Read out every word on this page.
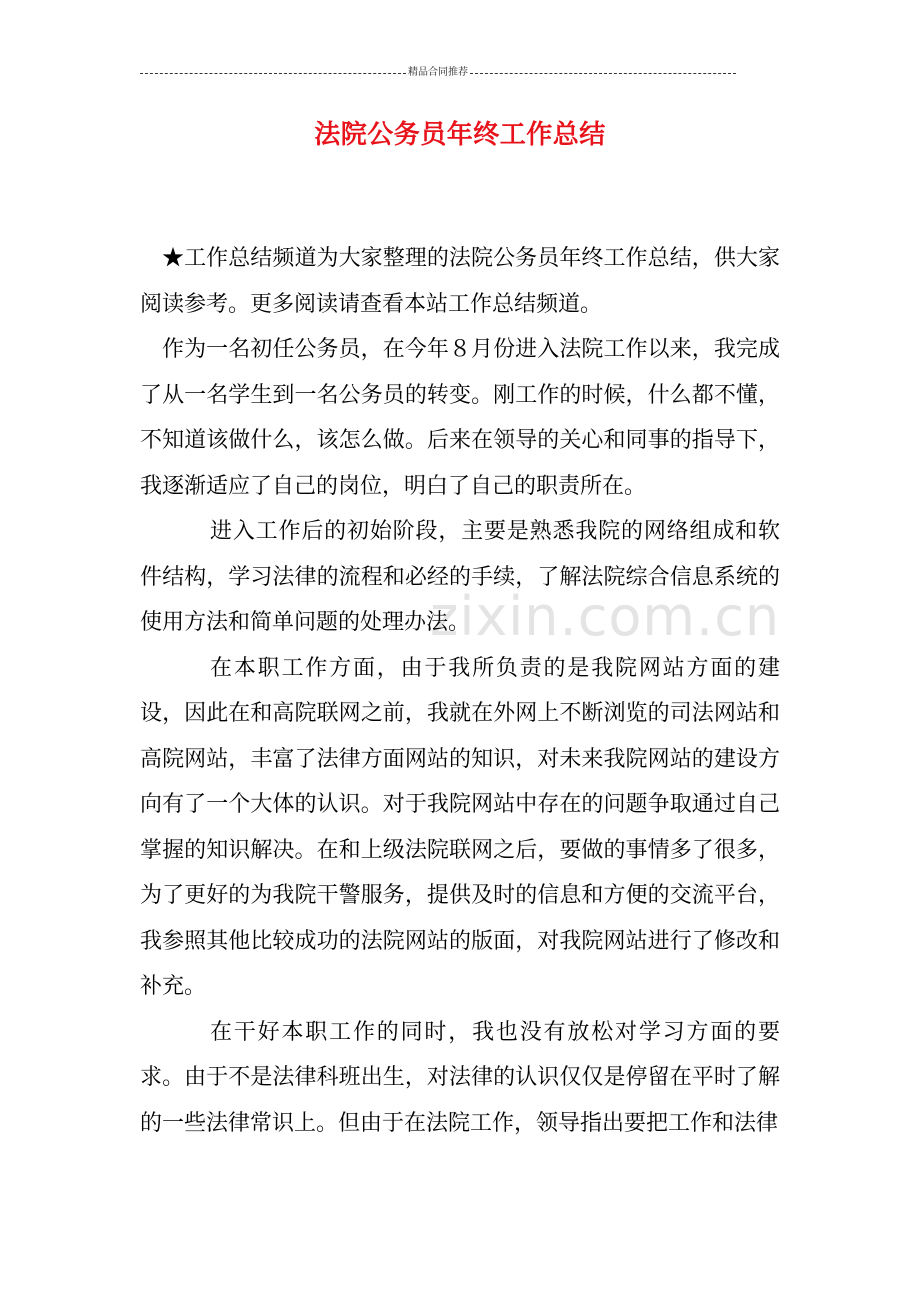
精品合同推荐
法院公务员年终工作总结
zixin.com.cn

★工作总结频道为大家整理的法院公务员年终工作总结，供大家阅读参考。更多阅读请查看本站工作总结频道。

作为一名初任公务员，在今年８月份进入法院工作以来，我完成了从一名学生到一名公务员的转变。刚工作的时候，什么都不懂，不知道该做什么，该怎么做。后来在领导的关心和同事的指导下，我逐渐适应了自己的岗位，明白了自己的职责所在。

进入工作后的初始阶段，主要是熟悉我院的网络组成和软件结构，学习法律的流程和必经的手续，了解法院综合信息系统的使用方法和简单问题的处理办法。

在本职工作方面，由于我所负责的是我院网站方面的建设，因此在和高院联网之前，我就在外网上不断浏览的司法网站和高院网站，丰富了法律方面网站的知识，对未来我院网站的建设方向有了一个大体的认识。对于我院网站中存在的问题争取通过自己掌握的知识解决。在和上级法院联网之后，要做的事情多了很多，为了更好的为我院干警服务，提供及时的信息和方便的交流平台，我参照其他比较成功的法院网站的版面，对我院网站进行了修改和补充。

在干好本职工作的同时，我也没有放松对学习方面的要求。由于不是法律科班出生，对法律的认识仅仅是停留在平时了解的一些法律常识上。但由于在法院工作，领导指出要把工作和法律
